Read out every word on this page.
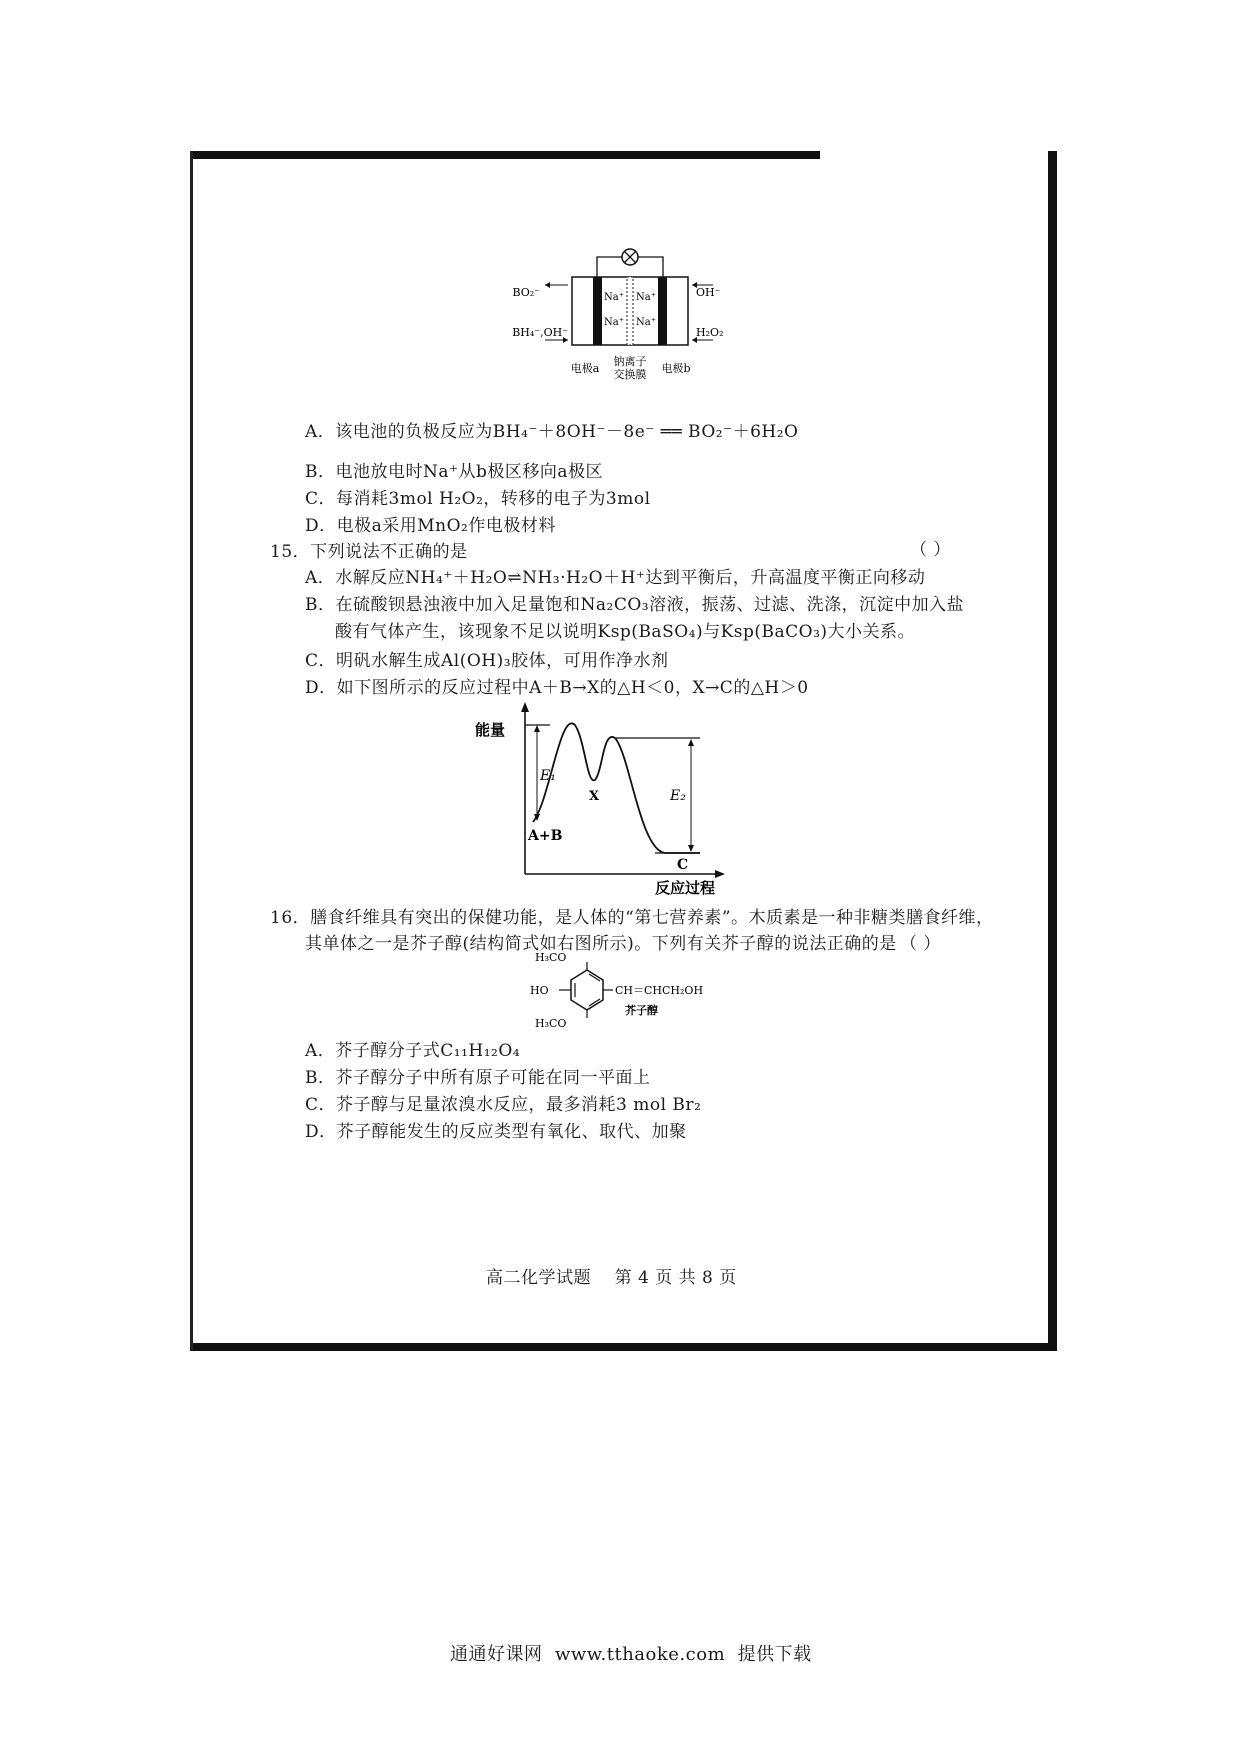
BO₂⁻
BH₄⁻,OH⁻
OH⁻
H₂O₂
Na⁺ Na⁺
Na⁺ Na⁺
电极a
钠离子
交换膜 电极b
A．该电池的负极反应为BH₄⁻＋8OH⁻－8e⁻ ══ BO₂⁻＋6H₂O
B．电池放电时Na⁺从b极区移向a极区
C．每消耗3mol H₂O₂，转移的电子为3mol
D．电极a采用MnO₂作电极材料
15．下列说法不正确的是	（ ）
A．水解反应NH₄⁺＋H₂O⇌NH₃·H₂O＋H⁺达到平衡后，升高温度平衡正向移动
B．在硫酸钡悬浊液中加入足量饱和Na₂CO₃溶液，振荡、过滤、洗涤，沉淀中加入盐
酸有气体产生，该现象不足以说明Ksp(BaSO₄)与Ksp(BaCO₃)大小关系。
C．明矾水解生成Al(OH)₃胶体，可用作净水剂
D．如下图所示的反应过程中A＋B→X的△H＜0，X→C的△H＞0
能量
E₁
E₂
X
A+B
C
反应过程
16．膳食纤维具有突出的保健功能，是人体的“第七营养素”。木质素是一种非糖类膳食纤维，
其单体之一是芥子醇(结构简式如右图所示)。下列有关芥子醇的说法正确的是 （ ）
H₃CO
HO
H₃CO
CH＝CHCH₂OH
芥子醇
A．芥子醇分子式C₁₁H₁₂O₄
B．芥子醇分子中所有原子可能在同一平面上
C．芥子醇与足量浓溴水反应，最多消耗3 mol Br₂
D．芥子醇能发生的反应类型有氧化、取代、加聚
高二化学试题    第 4 页 共 8 页
通通好课网  www.tthaoke.com  提供下载
